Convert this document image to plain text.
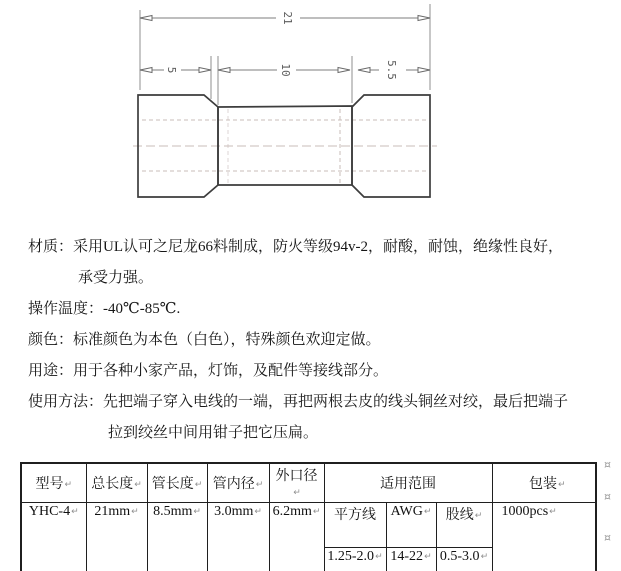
21
5	10	5.5
材质：采用UL认可之尼龙66料制成，防火等级94v-2，耐酸，耐蚀，绝缘性良好，
承受力强。
操作温度：-40℃-85℃.
颜色：标准颜色为本色（白色），特殊颜色欢迎定做。
用途：用于各种小家产品，灯饰，及配件等接线部分。
使用方法：先把端子穿入电线的一端，再把两根去皮的线头铜丝对绞，最后把端子
拉到绞丝中间用钳子把它压扁。
型号↵	总长度↵	管长度↵	管内径↵	外口径↵	适用范围			包装↵
YHC-4↵	21mm↵	8.5mm↵	3.0mm↵	6.2mm↵	平方线	AWG↵	股线↵	1000pcs↵
					1.25-2.0↵	14-22↵	0.5-3.0↵	
¤
¤
¤
